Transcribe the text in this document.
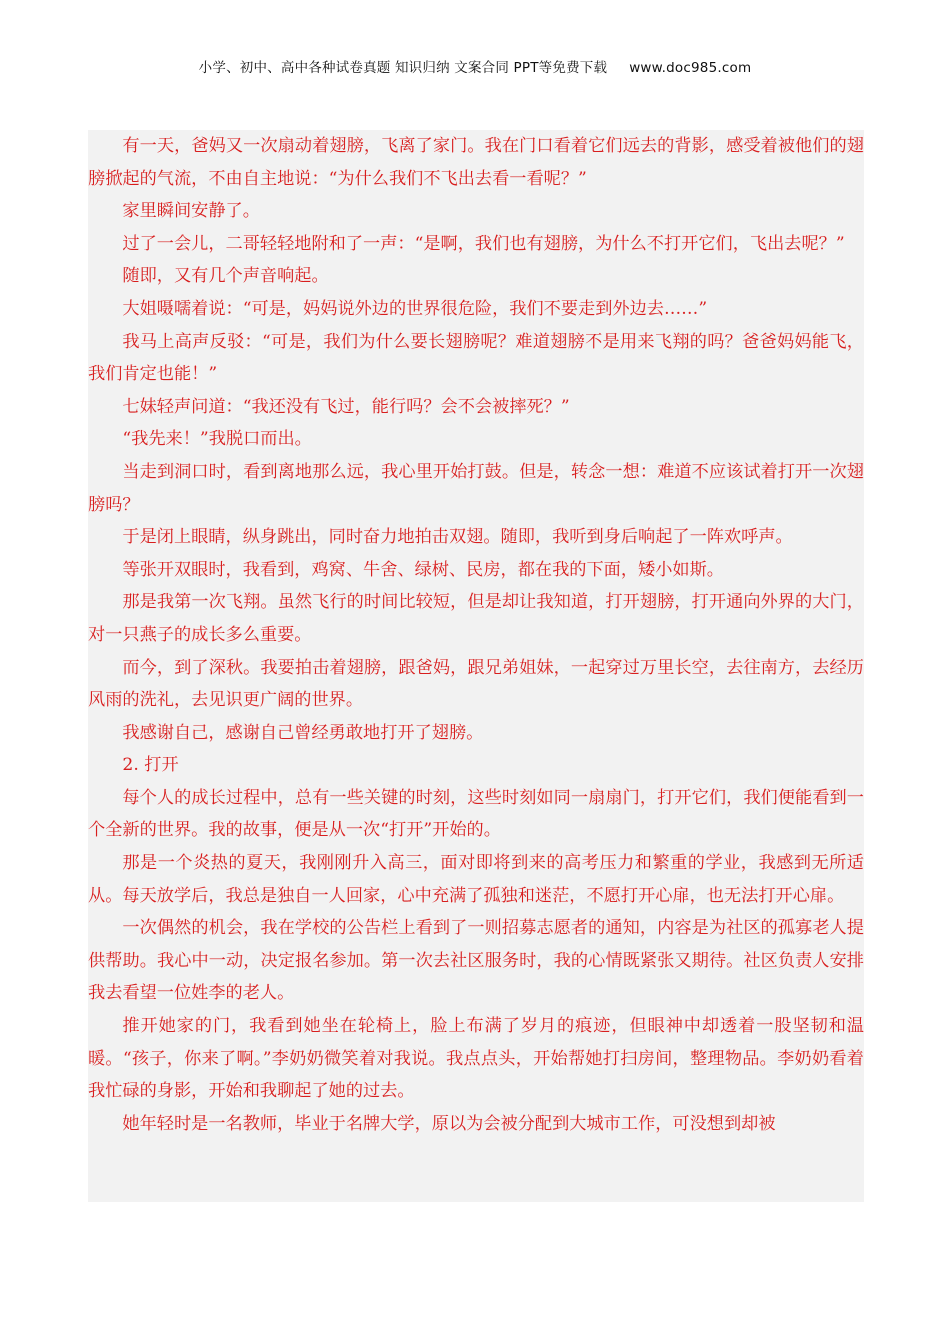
小学、初中、高中各种试卷真题 知识归纳 文案合同 PPT等免费下载 www.doc985.com

有一天，爸妈又一次扇动着翅膀，飞离了家门。我在门口看着它们远去的背影，感受着被他们的翅膀掀起的气流，不由自主地说：“为什么我们不飞出去看一看呢？”

家里瞬间安静了。

过了一会儿，二哥轻轻地附和了一声：“是啊，我们也有翅膀，为什么不打开它们，飞出去呢？”

随即，又有几个声音响起。

大姐嗫嚅着说：“可是，妈妈说外边的世界很危险，我们不要走到外边去……”

我马上高声反驳：“可是，我们为什么要长翅膀呢？难道翅膀不是用来飞翔的吗？爸爸妈妈能飞，我们肯定也能！”

七妹轻声问道：“我还没有飞过，能行吗？会不会被摔死？”

“我先来！”我脱口而出。

当走到洞口时，看到离地那么远，我心里开始打鼓。但是，转念一想：难道不应该试着打开一次翅膀吗？

于是闭上眼睛，纵身跳出，同时奋力地拍击双翅。随即，我听到身后响起了一阵欢呼声。

等张开双眼时，我看到，鸡窝、牛舍、绿树、民房，都在我的下面，矮小如斯。

那是我第一次飞翔。虽然飞行的时间比较短，但是却让我知道，打开翅膀，打开通向外界的大门，对一只燕子的成长多么重要。

而今，到了深秋。我要拍击着翅膀，跟爸妈，跟兄弟姐妹，一起穿过万里长空，去往南方，去经历风雨的洗礼，去见识更广阔的世界。

我感谢自己，感谢自己曾经勇敢地打开了翅膀。

2. 打开

每个人的成长过程中，总有一些关键的时刻，这些时刻如同一扇扇门，打开它们，我们便能看到一个全新的世界。我的故事，便是从一次“打开”开始的。

那是一个炎热的夏天，我刚刚升入高三，面对即将到来的高考压力和繁重的学业，我感到无所适从。每天放学后，我总是独自一人回家，心中充满了孤独和迷茫，不愿打开心扉，也无法打开心扉。

一次偶然的机会，我在学校的公告栏上看到了一则招募志愿者的通知，内容是为社区的孤寡老人提供帮助。我心中一动，决定报名参加。第一次去社区服务时，我的心情既紧张又期待。社区负责人安排我去看望一位姓李的老人。

推开她家的门，我看到她坐在轮椅上，脸上布满了岁月的痕迹，但眼神中却透着一股坚韧和温暖。“孩子，你来了啊。”李奶奶微笑着对我说。我点点头，开始帮她打扫房间，整理物品。李奶奶看着我忙碌的身影，开始和我聊起了她的过去。

她年轻时是一名教师，毕业于名牌大学，原以为会被分配到大城市工作，可没想到却被
